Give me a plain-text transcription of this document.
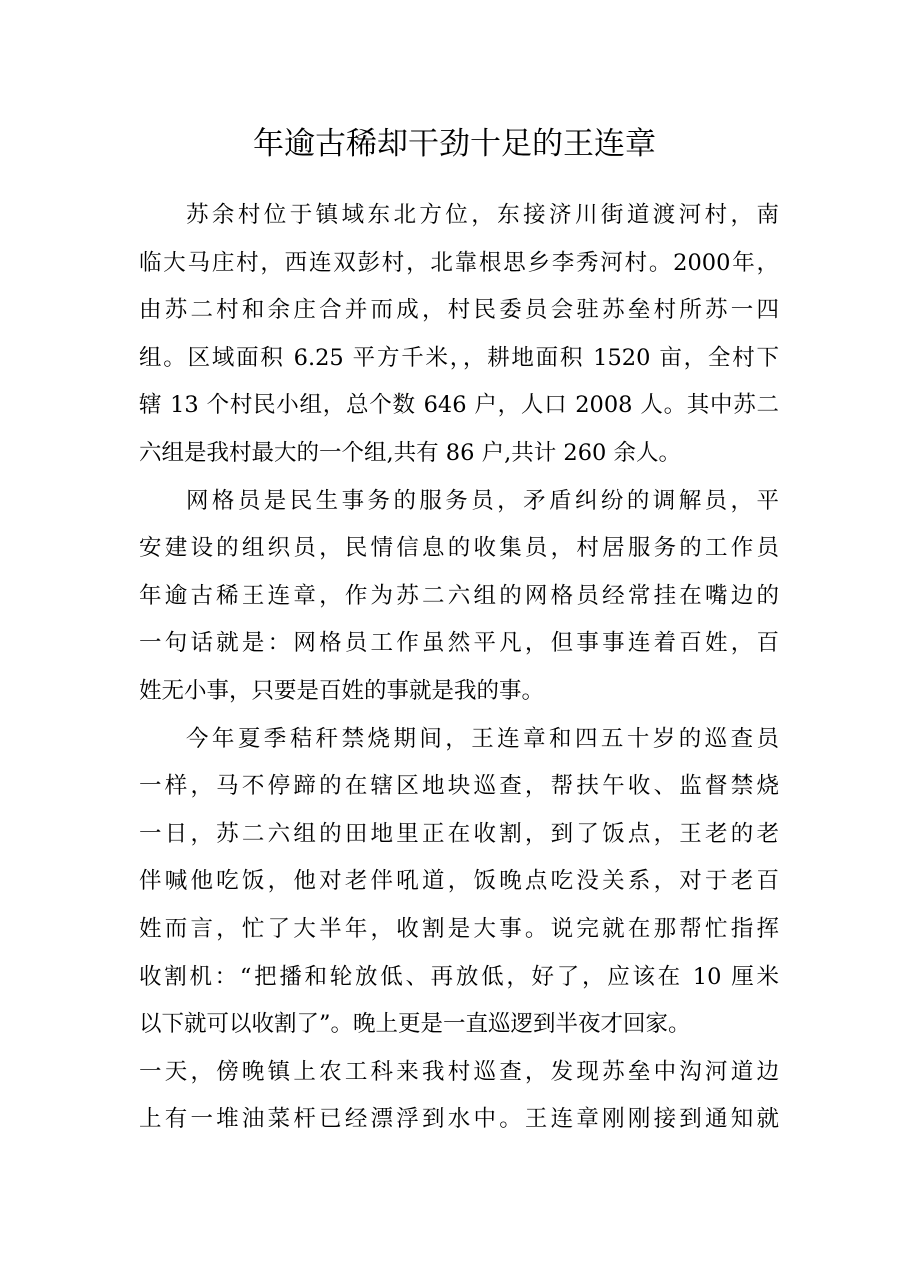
年逾古稀却干劲十足的王连章
苏余村位于镇域东北方位，东接济川街道渡河村，南
临大马庄村，西连双彭村，北靠根思乡李秀河村。2000年，
由苏二村和余庄合并而成，村民委员会驻苏垒村所苏一四
组。区域面积 6.25 平方千米，，耕地面积 1520 亩，全村下
辖 13 个村民小组，总个数 646 户，人口 2008 人。其中苏二
六组是我村最大的一个组,共有 86 户,共计 260 余人。
网格员是民生事务的服务员，矛盾纠纷的调解员，平
安建设的组织员，民情信息的收集员，村居服务的工作员
年逾古稀王连章，作为苏二六组的网格员经常挂在嘴边的
一句话就是：网格员工作虽然平凡，但事事连着百姓，百
姓无小事，只要是百姓的事就是我的事。
今年夏季秸秆禁烧期间，王连章和四五十岁的巡查员
一样，马不停蹄的在辖区地块巡查，帮扶午收、监督禁烧
一日，苏二六组的田地里正在收割，到了饭点，王老的老
伴喊他吃饭，他对老伴吼道，饭晚点吃没关系，对于老百
姓而言，忙了大半年，收割是大事。说完就在那帮忙指挥
收割机：“把播和轮放低、再放低，好了，应该在 10 厘米
以下就可以收割了”。晚上更是一直巡逻到半夜才回家。
一天，傍晚镇上农工科来我村巡查，发现苏垒中沟河道边
上有一堆油菜杆已经漂浮到水中。王连章刚刚接到通知就
